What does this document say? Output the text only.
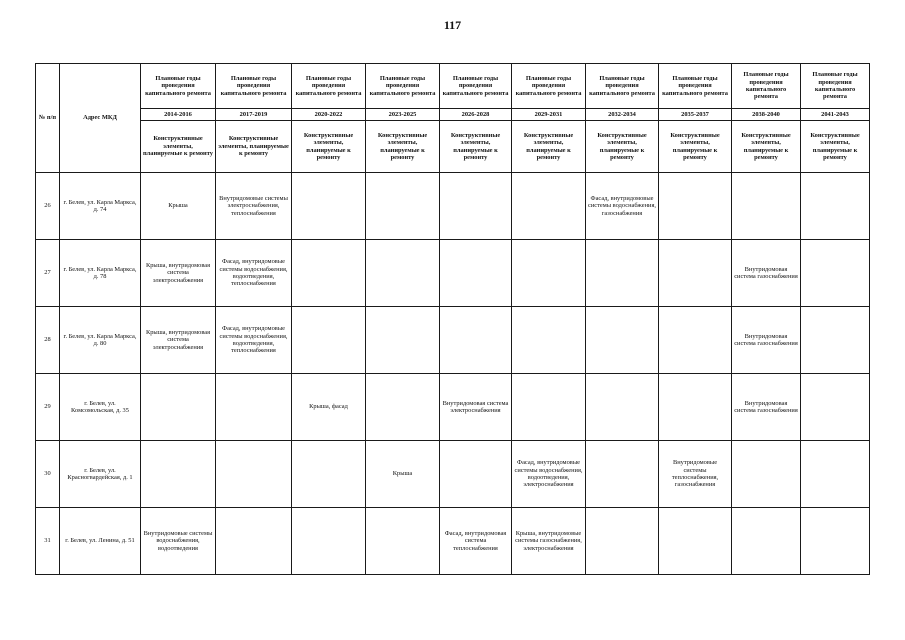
117
№ п/п	Адрес МКД	Плановые годы проведения капитального ремонта	Плановые годы проведения капитального ремонта	Плановые годы проведения капитального ремонта	Плановые годы проведения капитального ремонта	Плановые годы проведения капитального ремонта	Плановые годы проведения капитального ремонта	Плановые годы проведения капитального ремонта	Плановые годы проведения капитального ремонта	Плановые годы проведения капитального ремонта	Плановые годы проведения капитального ремонта
		2014-2016	2017-2019	2020-2022	2023-2025	2026-2028	2029-2031	2032-2034	2035-2037	2038-2040	2041-2043
		Конструктивные элементы, планируемые к ремонту	Конструктивные элементы, планируемые к ремонту	Конструктивные элементы, планируемые к ремонту	Конструктивные элементы, планируемые к ремонту	Конструктивные элементы, планируемые к ремонту	Конструктивные элементы, планируемые к ремонту	Конструктивные элементы, планируемые к ремонту	Конструктивные элементы, планируемые к ремонту	Конструктивные элементы, планируемые к ремонту	Конструктивные элементы, планируемые к ремонту
26	г. Белев, ул. Карла Маркса, д. 74	Крыша	Внутридомовые системы электроснабжения, теплоснабжения					Фасад, внутридомовые системы водоснабжения, газоснабжения			
27	г. Белев, ул. Карла Маркса, д. 78	Крыша, внутридомовая система электроснабжения	Фасад, внутридомовые системы водоснабжения, водоотведения, теплоснабжения							Внутридомовая система газоснабжения	
28	г. Белев, ул. Карла Маркса, д. 80	Крыша, внутридомовая система электроснабжения	Фасад, внутридомовые системы водоснабжения, водоотведения, теплоснабжения							Внутридомовая система газоснабжения	
29	г. Белев, ул. Комсомольская, д. 35			Крыша, фасад		Внутридомовая система электроснабжения				Внутридомовая система газоснабжения	
30	г. Белев, ул. Красногвардейская, д. 1				Крыша		Фасад, внутридомовые системы водоснабжения, водоотведения, электроснабжения		Внутридомовые системы теплоснабжения, газоснабжения		
31	г. Белев, ул. Ленина, д. 51	Внутридомовые системы водоснабжения, водоотведения				Фасад, внутридомовая система теплоснабжения	Крыша, внутридомовые системы газоснабжения, электроснабжения				
